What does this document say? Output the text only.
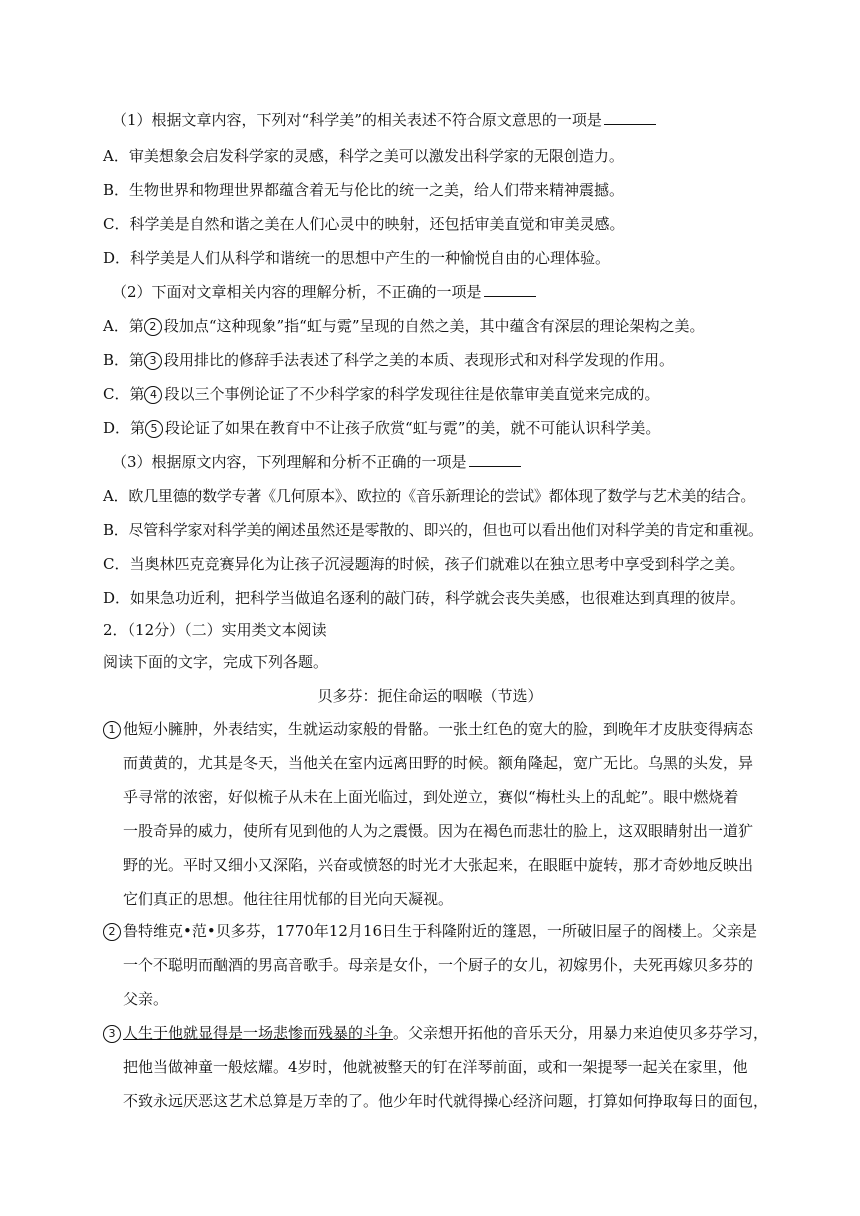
（1）根据文章内容，下列对“科学美”的相关表述不符合原文意思的一项是
A．审美想象会启发科学家的灵感，科学之美可以激发出科学家的无限创造力。
B．生物世界和物理世界都蕴含着无与伦比的统一之美，给人们带来精神震撼。
C．科学美是自然和谐之美在人们心灵中的映射，还包括审美直觉和审美灵感。
D．科学美是人们从科学和谐统一的思想中产生的一种愉悦自由的心理体验。
（2）下面对文章相关内容的理解分析，不正确的一项是
A．第 2 段加点“这种现象”指“虹与霓”呈现的自然之美，其中蕴含有深层的理论架构之美。
B．第 3 段用排比的修辞手法表述了科学之美的本质、表现形式和对科学发现的作用。
C．第 4 段以三个事例论证了不少科学家的科学发现往往是依靠审美直觉来完成的。
D．第 5 段论证了如果在教育中不让孩子欣赏“虹与霓”的美，就不可能认识科学美。
（3）根据原文内容，下列理解和分析不正确的一项是
A．欧几里德的数学专著《几何原本》、欧拉的《音乐新理论的尝试》都体现了数学与艺术美的结合。
B．尽管科学家对科学美的阐述虽然还是零散的、即兴的，但也可以看出他们对科学美的肯定和重视。
C．当奥林匹克竞赛异化为让孩子沉浸题海的时候，孩子们就难以在独立思考中享受到科学之美。
D．如果急功近利，把科学当做追名逐利的敲门砖，科学就会丧失美感，也很难达到真理的彼岸。
2．（12分）（二）实用类文本阅读
阅读下面的文字，完成下列各题。
贝多芬：扼住命运的咽喉（节选）
1 他短小臃肿，外表结实，生就运动家般的骨骼。一张土红色的宽大的脸，到晚年才皮肤变得病态
而黄黄的，尤其是冬天，当他关在室内远离田野的时候。额角隆起，宽广无比。乌黑的头发，异
乎寻常的浓密，好似梳子从未在上面光临过，到处逆立，赛似“梅杜头上的乱蛇”。眼中燃烧着
一股奇异的威力，使所有见到他的人为之震慑。因为在褐色而悲壮的脸上，这双眼睛射出一道犷
野的光。平时又细小又深陷，兴奋或愤怒的时光才大张起来，在眼眶中旋转，那才奇妙地反映出
它们真正的思想。他往往用忧郁的目光向天凝视。
2 鲁特维克•范•贝多芬，1770年12月16日生于科隆附近的篷恩，一所破旧屋子的阁楼上。父亲是
一个不聪明而酗酒的男高音歌手。母亲是女仆，一个厨子的女儿，初嫁男仆，夫死再嫁贝多芬的
父亲。
3 人生于他就显得是一场悲惨而残暴的斗争。父亲想开拓他的音乐天分，用暴力来迫使贝多芬学习，
把他当做神童一般炫耀。4岁时，他就被整天的钉在洋琴前面，或和一架提琴一起关在家里，他
不致永远厌恶这艺术总算是万幸的了。他少年时代就得操心经济问题，打算如何挣取每日的面包，
